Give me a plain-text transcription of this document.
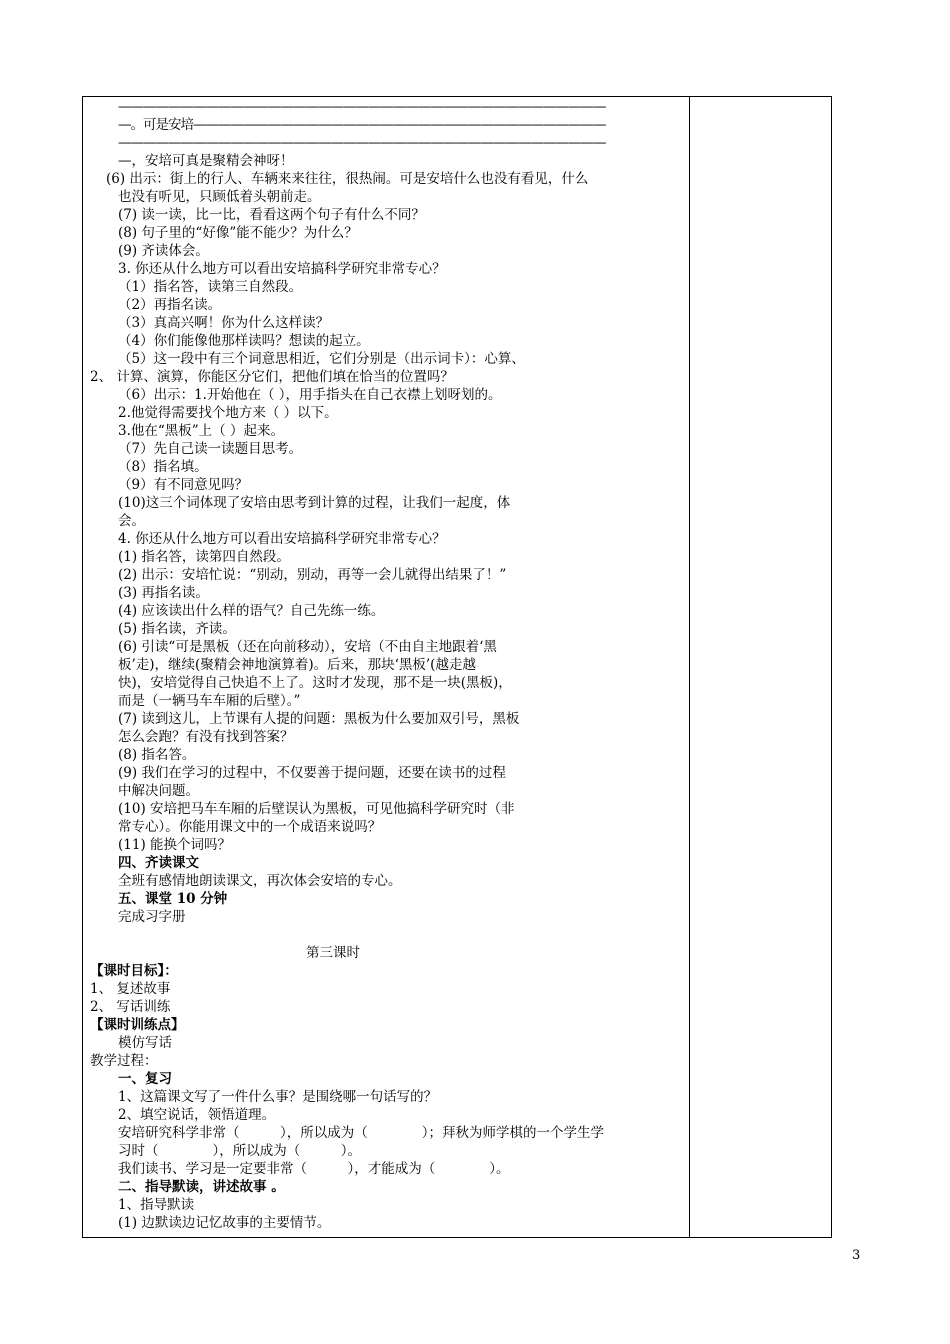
———————————————————————————————————————
—。可是安培—————————————————————————————————
———————————————————————————————————————
—，安培可真是聚精会神呀！
(6) 出示：街上的行人、车辆来来往往，很热闹。可是安培什么也没有看见，什么
也没有听见，只顾低着头朝前走。
(7) 读一读，比一比，看看这两个句子有什么不同？
(8) 句子里的“好像”能不能少？为什么？
(9) 齐读体会。
3. 你还从什么地方可以看出安培搞科学研究非常专心？
（1）指名答，读第三自然段。
（2）再指名读。
（3）真高兴啊！你为什么这样读？
（4）你们能像他那样读吗？想读的起立。
（5）这一段中有三个词意思相近，它们分别是（出示词卡）：心算、
2、 计算、演算，你能区分它们，把他们填在恰当的位置吗？
（6）出示：1.开始他在（ ），用手指头在自己衣襟上划呀划的。
2.他觉得需要找个地方来（ ）以下。
3.他在“黑板”上（ ）起来。
（7）先自己读一读题目思考。
（8）指名填。
（9）有不同意见吗？
(10)这三个词体现了安培由思考到计算的过程，让我们一起度，体
会。
4. 你还从什么地方可以看出安培搞科学研究非常专心？
(1) 指名答，读第四自然段。
(2) 出示：安培忙说：“别动，别动，再等一会儿就得出结果了！”
(3) 再指名读。
(4) 应该读出什么样的语气？自己先练一练。
(5) 指名读，齐读。
(6) 引读“可是黑板（还在向前移动），安培（不由自主地跟着‘黑
板’走)，继续(聚精会神地演算着)。后来，那块‘黑板’(越走越
快)，安培觉得自己快追不上了。这时才发现，那不是一块(黑板)，
而是（一辆马车车厢的后壁）。”
(7) 读到这儿，上节课有人提的问题：黑板为什么要加双引号，黑板
怎么会跑？有没有找到答案？
(8) 指名答。
(9) 我们在学习的过程中，不仅要善于提问题，还要在读书的过程
中解决问题。
(10) 安培把马车车厢的后壁误认为黑板，可见他搞科学研究时（非
常专心）。你能用课文中的一个成语来说吗？
(11) 能换个词吗？
四、齐读课文
全班有感情地朗读课文，再次体会安培的专心。
五、课堂 10 分钟
完成习字册
第三课时
【课时目标】：
1、 复述故事
2、 写话训练
【课时训练点】
模仿写话
教学过程：
一、复习
1、这篇课文写了一件什么事？是围绕哪一句话写的？
2、填空说话，领悟道理。
安培研究科学非常（　　　），所以成为（　　　　）；拜秋为师学棋的一个学生学
习时（　　　　），所以成为（　　　）。
我们读书、学习是一定要非常（　　　），才能成为（　　　　）。
二、指导默读，讲述故事 。
1、指导默读
(1) 边默读边记忆故事的主要情节。
3
